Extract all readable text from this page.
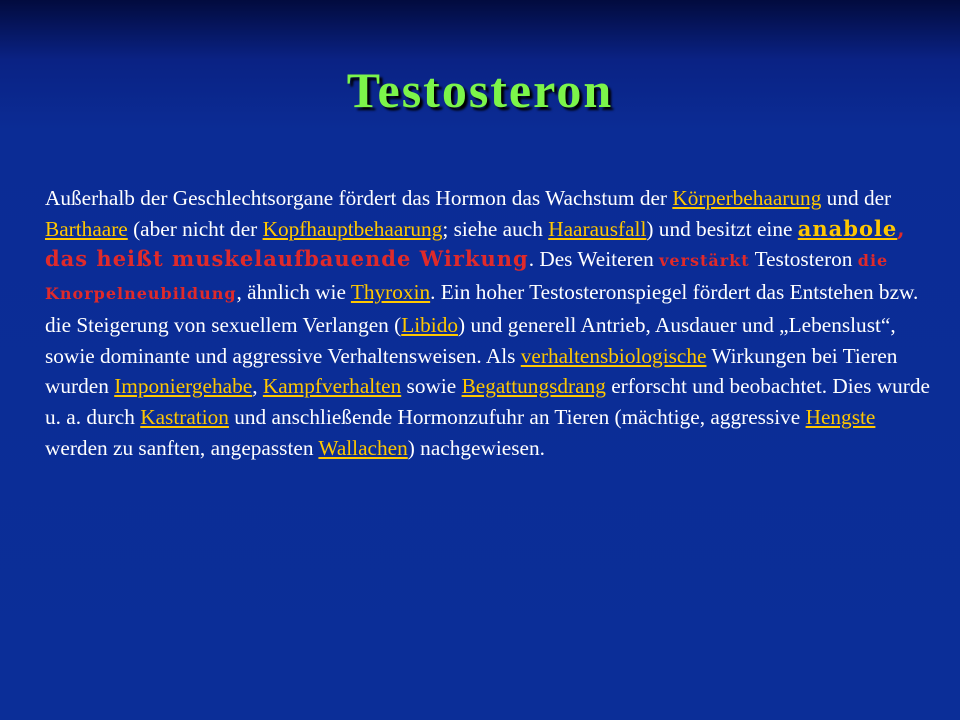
Testosteron
Außerhalb der Geschlechtsorgane fördert das Hormon das Wachstum der Körperbehaarung und der Barthaare (aber nicht der Kopfhauptbehaarung; siehe auch Haarausfall) und besitzt eine anabole, das heißt muskelaufbauende Wirkung. Des Weiteren verstärkt Testosteron die Knorpelneubildung, ähnlich wie Thyroxin. Ein hoher Testosteronspiegel fördert das Entstehen bzw. die Steigerung von sexuellem Verlangen (Libido) und generell Antrieb, Ausdauer und „Lebenslust“, sowie dominante und aggressive Verhaltensweisen. Als verhaltensbiologische Wirkungen bei Tieren wurden Imponiergehabe, Kampfverhalten sowie Begattungsdrang erforscht und beobachtet. Dies wurde u. a. durch Kastration und anschließende Hormonzufuhr an Tieren (mächtige, aggressive Hengste werden zu sanften, angepassten Wallachen) nachgewiesen.
